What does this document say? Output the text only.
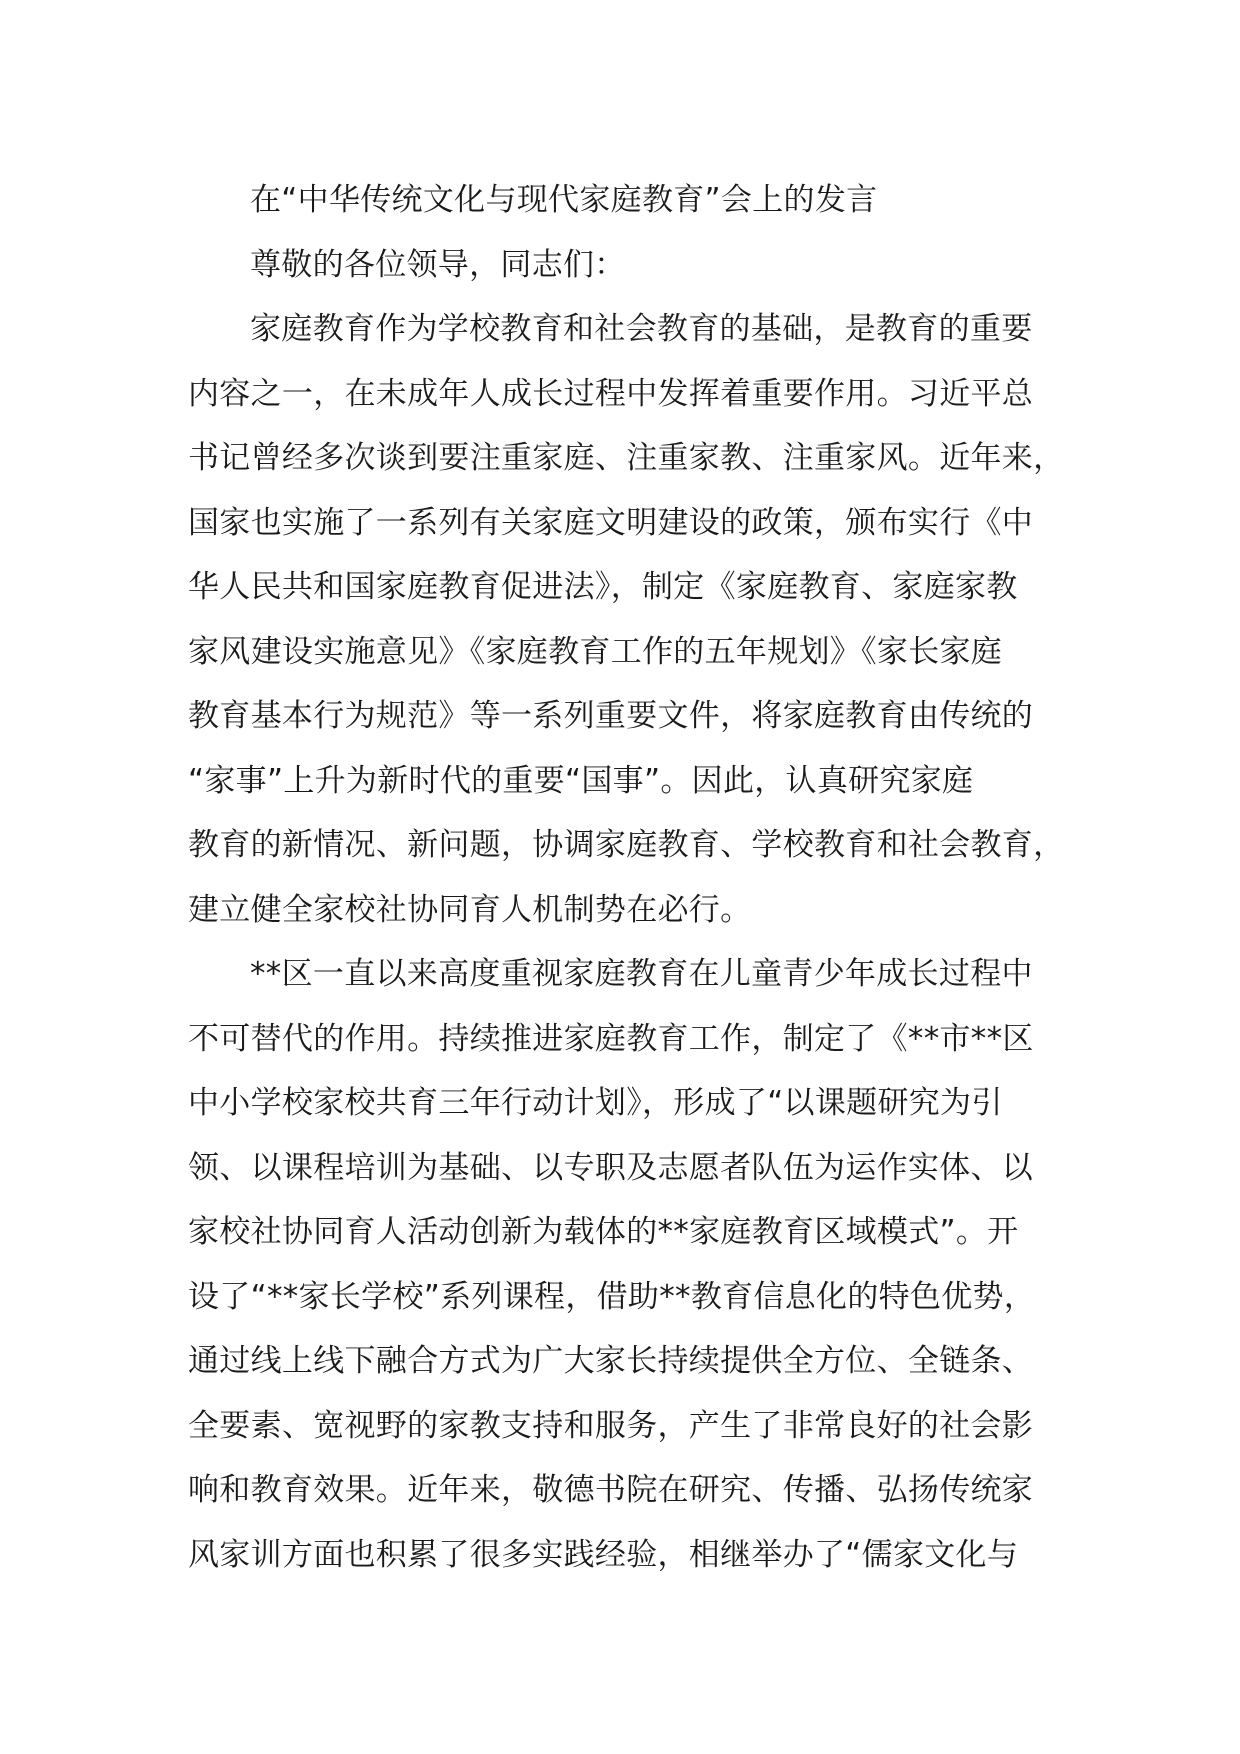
在“中华传统文化与现代家庭教育”会上的发言
尊敬的各位领导，同志们：
家庭教育作为学校教育和社会教育的基础，是教育的重要
内容之一，在未成年人成长过程中发挥着重要作用。习近平总
书记曾经多次谈到要注重家庭、注重家教、注重家风。近年来，
国家也实施了一系列有关家庭文明建设的政策，颁布实行《中
华人民共和国家庭教育促进法》，制定《家庭教育、家庭家教
家风建设实施意见》《家庭教育工作的五年规划》《家长家庭
教育基本行为规范》等一系列重要文件，将家庭教育由传统的
“家事”上升为新时代的重要“国事”。因此，认真研究家庭
教育的新情况、新问题，协调家庭教育、学校教育和社会教育，
建立健全家校社协同育人机制势在必行。
**区一直以来高度重视家庭教育在儿童青少年成长过程中
不可替代的作用。持续推进家庭教育工作，制定了《**市**区
中小学校家校共育三年行动计划》，形成了“以课题研究为引
领、以课程培训为基础、以专职及志愿者队伍为运作实体、以
家校社协同育人活动创新为载体的**家庭教育区域模式”。开
设了“**家长学校”系列课程，借助**教育信息化的特色优势，
通过线上线下融合方式为广大家长持续提供全方位、全链条、
全要素、宽视野的家教支持和服务，产生了非常良好的社会影
响和教育效果。近年来，敬德书院在研究、传播、弘扬传统家
风家训方面也积累了很多实践经验，相继举办了“儒家文化与
